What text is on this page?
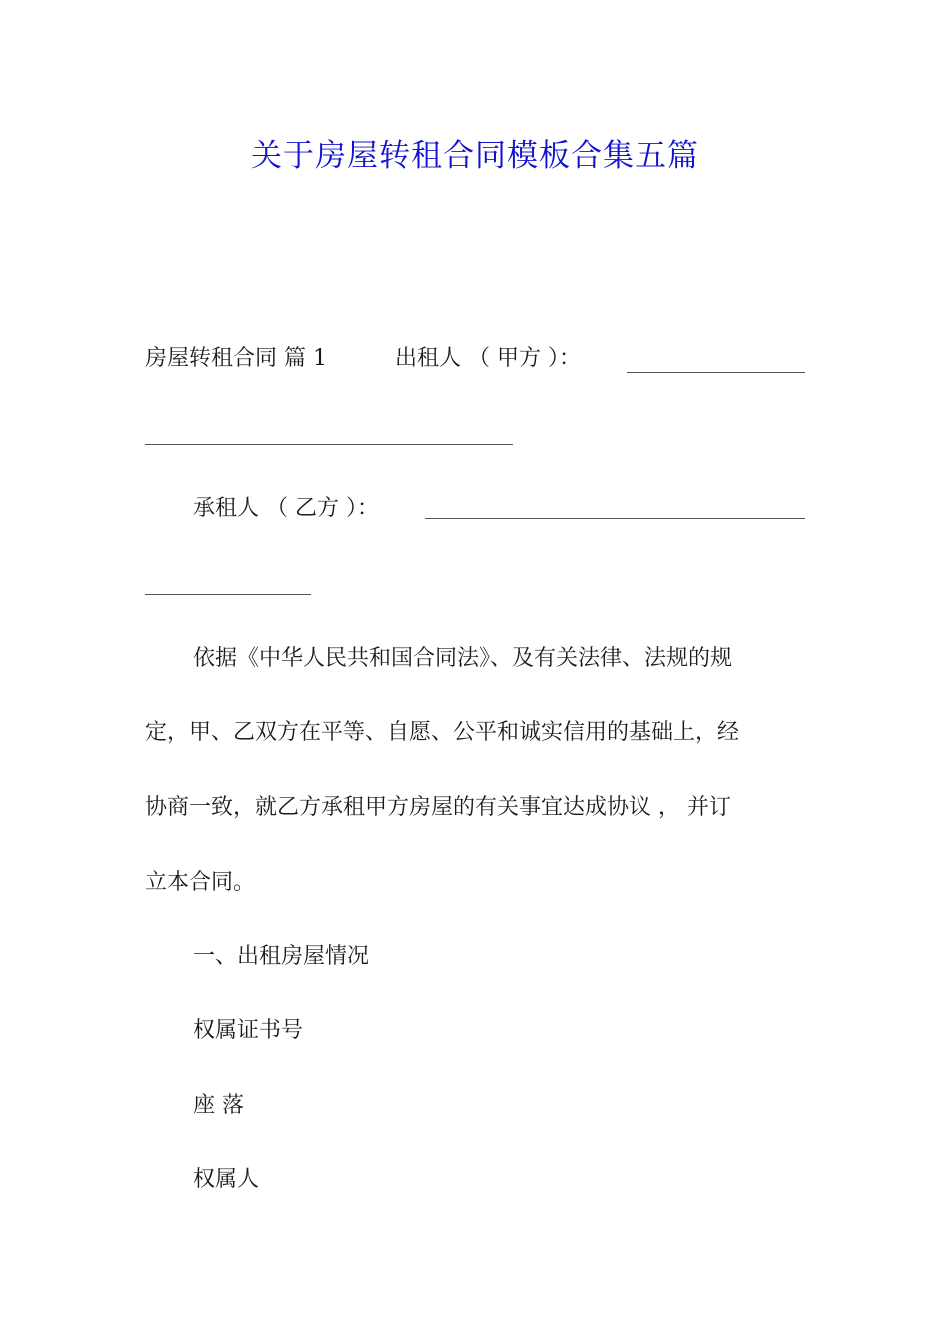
关于房屋转租合同模板合集五篇
房屋转租合同 篇 1	出租人 （ 甲方 ）：
承租人 （ 乙方 ）：
依据《中华人民共和国合同法》、及有关法律、法规的规
定，甲、乙双方在平等、自愿、公平和诚实信用的基础上，经
协商一致，就乙方承租甲方房屋的有关事宜达成协议 ， 并订
立本合同。
一、出租房屋情况
权属证书号
座 落
权属人
